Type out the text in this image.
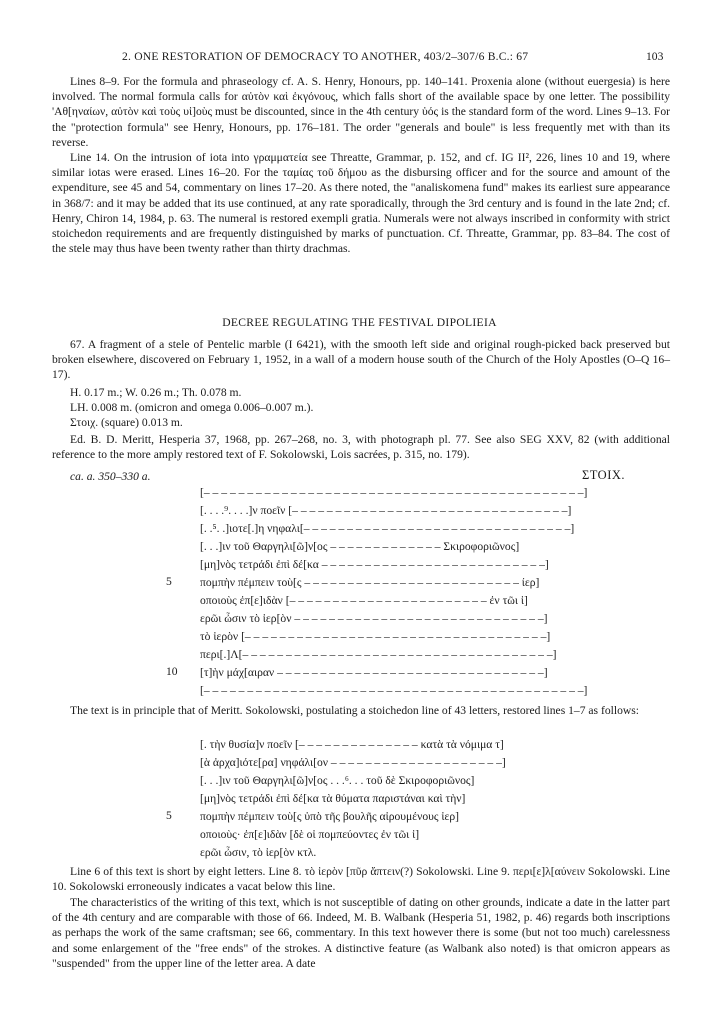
2. ONE RESTORATION OF DEMOCRACY TO ANOTHER, 403/2–307/6 B.C.: 67	103
Lines 8–9. For the formula and phraseology cf. A. S. Henry, Honours, pp. 140–141. Proxenia alone (without euergesia) is here involved. The normal formula calls for αὐτὸν καὶ ἐκγόνους, which falls short of the available space by one letter. The possibility 'Αθ[ηναίων, αὐτὸν καὶ τοὺς υἱ]οὺς must be discounted, since in the 4th century ὑός is the standard form of the word. Lines 9–13. For the "protection formula" see Henry, Honours, pp. 176–181. The order "generals and boule" is less frequently met with than its reverse.
Line 14. On the intrusion of iota into γραμματεία see Threatte, Grammar, p. 152, and cf. IG II², 226, lines 10 and 19, where similar iotas were erased. Lines 16–20. For the ταμίας τοῦ δήμου as the disbursing officer and for the source and amount of the expenditure, see 45 and 54, commentary on lines 17–20. As there noted, the "analiskomena fund" makes its earliest sure appearance in 368/7: and it may be added that its use continued, at any rate sporadically, through the 3rd century and is found in the late 2nd; cf. Henry, Chiron 14, 1984, p. 63. The numeral is restored exempli gratia. Numerals were not always inscribed in conformity with strict stoichedon requirements and are frequently distinguished by marks of punctuation. Cf. Threatte, Grammar, pp. 83–84. The cost of the stele may thus have been twenty rather than thirty drachmas.
DECREE REGULATING THE FESTIVAL DIPOLIEIA
67. A fragment of a stele of Pentelic marble (I 6421), with the smooth left side and original rough-picked back preserved but broken elsewhere, discovered on February 1, 1952, in a wall of a modern house south of the Church of the Holy Apostles (O–Q 16–17).
H. 0.17 m.; W. 0.26 m.; Th. 0.078 m.
LH. 0.008 m. (omicron and omega 0.006–0.007 m.).
Στοιχ. (square) 0.013 m.
Ed. B. D. Meritt, Hesperia 37, 1968, pp. 267–268, no. 3, with photograph pl. 77. See also SEG XXV, 82 (with additional reference to the more amply restored text of F. Sokolowski, Lois sacrées, p. 315, no. 179).
ca. a. 350–330 a.	ΣΤΟΙΧ.
[– – – – – – – – – – – – – – – – – – – – – – – – – – – – – – – – – – – – – – – – – – – –]
[. . . .⁹. . . .]ν ποεῖν [– – – – – – – – – – – – – – – – – – – – – – – – – – – – – – – –]
[. .⁵. .]ιοτε[.]η νηφαλι[– – – – – – – – – – – – – – – – – – – – – – – – – – – – – – –]
[. . .]ιν τοῦ Θαργηλι[ῶ]ν[ος – – – – – – – – – – – – – Σκιροφοριῶνος]
[μη]νὸς τετράδι ἐπὶ δέ[κα – – – – – – – – – – – – – – – – – – – – – – – – – –]
5 πομπὴν πέμπειν τοὺ[ς – – – – – – – – – – – – – – – – – – – – – – – – – ίερ]
οποιοὺς ἐπ[ε]ιδὰν [– – – – – – – – – – – – – – – – – – – – – – – ἐν τῶι ἱ]
ερῶι ὦσιν τὸ ἱερ[ὸν – – – – – – – – – – – – – – – – – – – – – – – – – – – – –]
τὸ ἱερὸν [– – – – – – – – – – – – – – – – – – – – – – – – – – – – – – – – – – –]
περι[.]Λ[– – – – – – – – – – – – – – – – – – – – – – – – – – – – – – – – – – – –]
10 [τ]ὴν μάχ[αιραν – – – – – – – – – – – – – – – – – – – – – – – – – – – – – – –]
[– – – – – – – – – – – – – – – – – – – – – – – – – – – – – – – – – – – – – – – – – – – –]
The text is in principle that of Meritt. Sokolowski, postulating a stoichedon line of 43 letters, restored lines 1–7 as follows:
[. τὴν θυσία]ν ποεῖν [– – – – – – – – – – – – – – κατὰ τὰ νόμιμα τ]
[ὰ ἀρχα]ιότε[ρα] νηφάλι[ον – – – – – – – – – – – – – – – – – – – –]
[. . .]ιν τοῦ Θαργηλι[ῶ]ν[ος . . .⁶. . . τοῦ δὲ Σκιροφοριῶνος]
[μη]νὸς τετράδι ἐπὶ δέ[κα τὰ θύματα παριστάναι καὶ τὴν]
5 πομπὴν πέμπειν τοὺ[ς ὑπὸ τῆς βουλῆς αἱρουμένους ἱερ]
οποιοὺς· ἐπ[ε]ιδὰν [δὲ οἱ πομπεύοντες ἐν τῶι ἱ]
ερῶι ὦσιν, τὸ ἱερ[ὸν κτλ.
Line 6 of this text is short by eight letters. Line 8. τὸ ἱερὸν [πῦρ ἅπτειν(?) Sokolowski. Line 9. περι[ε]λ[αύνειν Sokolowski. Line 10. Sokolowski erroneously indicates a vacat below this line.
The characteristics of the writing of this text, which is not susceptible of dating on other grounds, indicate a date in the latter part of the 4th century and are comparable with those of 66. Indeed, M. B. Walbank (Hesperia 51, 1982, p. 46) regards both inscriptions as perhaps the work of the same craftsman; see 66, commentary. In this text however there is some (but not too much) carelessness and some enlargement of the "free ends" of the strokes. A distinctive feature (as Walbank also noted) is that omicron appears as "suspended" from the upper line of the letter area. A date
